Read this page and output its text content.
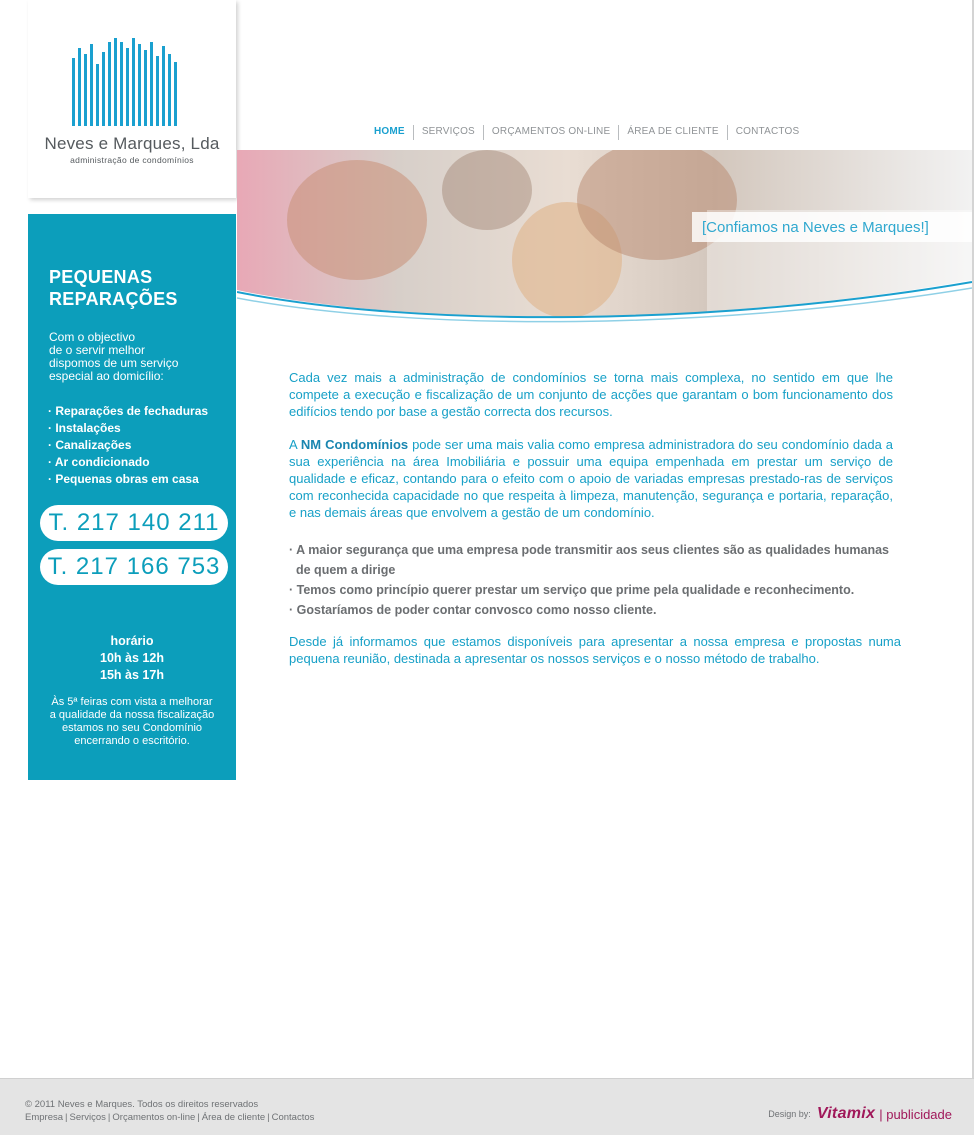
Neves e Marques, Lda
administração de condomínios
HOME	SERVIÇOS	ORÇAMENTOS ON-LINE	ÁREA DE CLIENTE	CONTACTOS
[Confiamos na Neves e Marques!]
PEQUENAS
REPARAÇÕES
Com o objectivo
de o servir melhor
dispomos de um serviço
especial ao domicílio:
· Reparações de fechaduras
· Instalações
· Canalizações
· Ar condicionado
· Pequenas obras em casa
T. 217 140 211
T. 217 166 753
horário
10h às 12h
15h às 17h
Às 5ª feiras com vista a melhorar
a qualidade da nossa fiscalização
estamos no seu Condomínio
encerrando o escritório.

Cada vez mais a administração de condomínios se torna mais complexa, no sentido em que lhe compete a execução e fiscalização de um conjunto de acções que garantam o bom funcionamento dos edifícios tendo por base a gestão correcta dos recursos.

A NM Condomínios pode ser uma mais valia como empresa administradora do seu condomínio dada a sua experiência na área Imobiliária e possuir uma equipa empenhada em prestar um serviço de qualidade e eficaz, contando para o efeito com o apoio de variadas empresas prestado-ras de serviços com reconhecida capacidade no que respeita à limpeza, manutenção, segurança e portaria, reparação, e nas demais áreas que envolvem a gestão de um condomínio.

· A maior segurança que uma empresa pode transmitir aos seus clientes são as qualidades humanas
de quem a dirige
· Temos como princípio querer prestar um serviço que prime pela qualidade e reconhecimento.
· Gostaríamos de poder contar convosco como nosso cliente.

Desde já informamos que estamos disponíveis para apresentar a nossa empresa e propostas numa pequena reunião, destinada a apresentar os nossos serviços e o nosso método de trabalho.

© 2011 Neves e Marques. Todos os direitos reservados
Empresa | Serviços | Orçamentos on-line | Área de cliente | Contactos	Design by: Vitamix | publicidade
